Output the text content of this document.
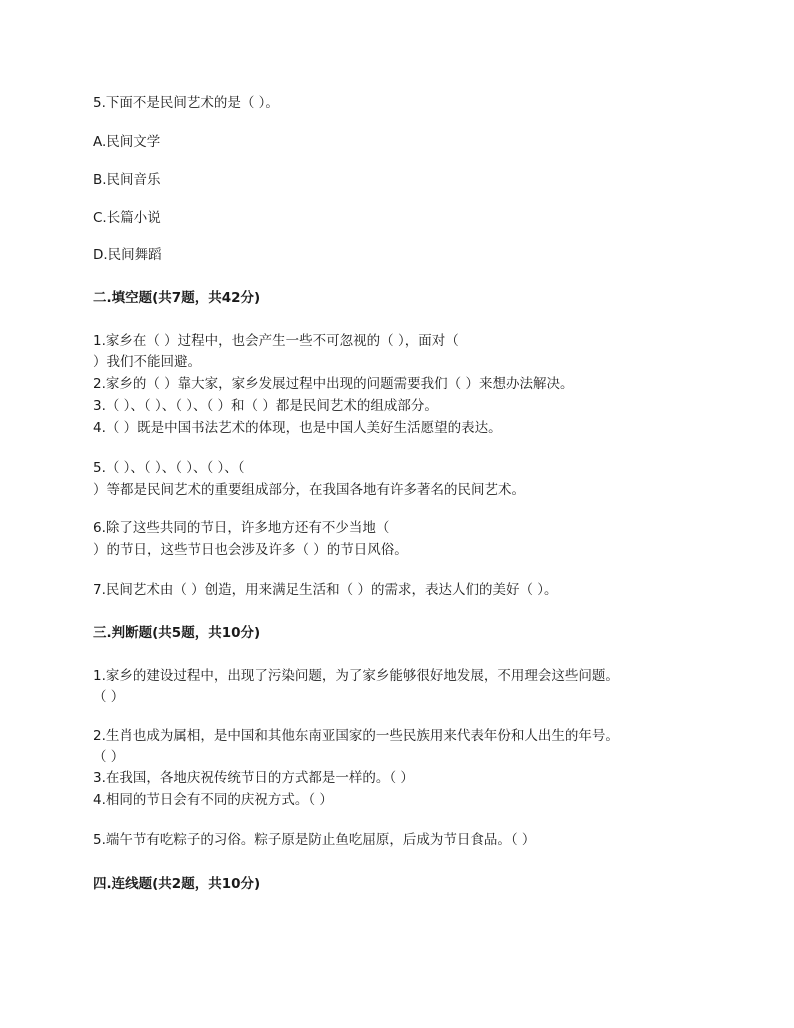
5.下面不是民间艺术的是（ ）。
A.民间文学
B.民间音乐
C.长篇小说
D.民间舞蹈
二.填空题(共7题，共42分)
1.家乡在（ ）过程中，也会产生一些不可忽视的（ ），面对（
）我们不能回避。
2.家乡的（ ）靠大家，家乡发展过程中出现的问题需要我们（ ）来想办法解决。
3.（ ）、（ ）、（ ）、（ ）和（ ）都是民间艺术的组成部分。
4.（ ）既是中国书法艺术的体现，也是中国人美好生活愿望的表达。
5.（ ）、（ ）、（ ）、（ ）、（
）等都是民间艺术的重要组成部分，在我国各地有许多著名的民间艺术。
6.除了这些共同的节日，许多地方还有不少当地（
）的节日，这些节日也会涉及许多（ ）的节日风俗。
7.民间艺术由（ ）创造，用来满足生活和（ ）的需求，表达人们的美好（ ）。
三.判断题(共5题，共10分)
1.家乡的建设过程中，出现了污染问题，为了家乡能够很好地发展，不用理会这些问题。
（ ）
2.生肖也成为属相，是中国和其他东南亚国家的一些民族用来代表年份和人出生的年号。
（ ）
3.在我国，各地庆祝传统节日的方式都是一样的。（ ）
4.相同的节日会有不同的庆祝方式。（ ）
5.端午节有吃粽子的习俗。粽子原是防止鱼吃屈原，后成为节日食品。（ ）
四.连线题(共2题，共10分)
